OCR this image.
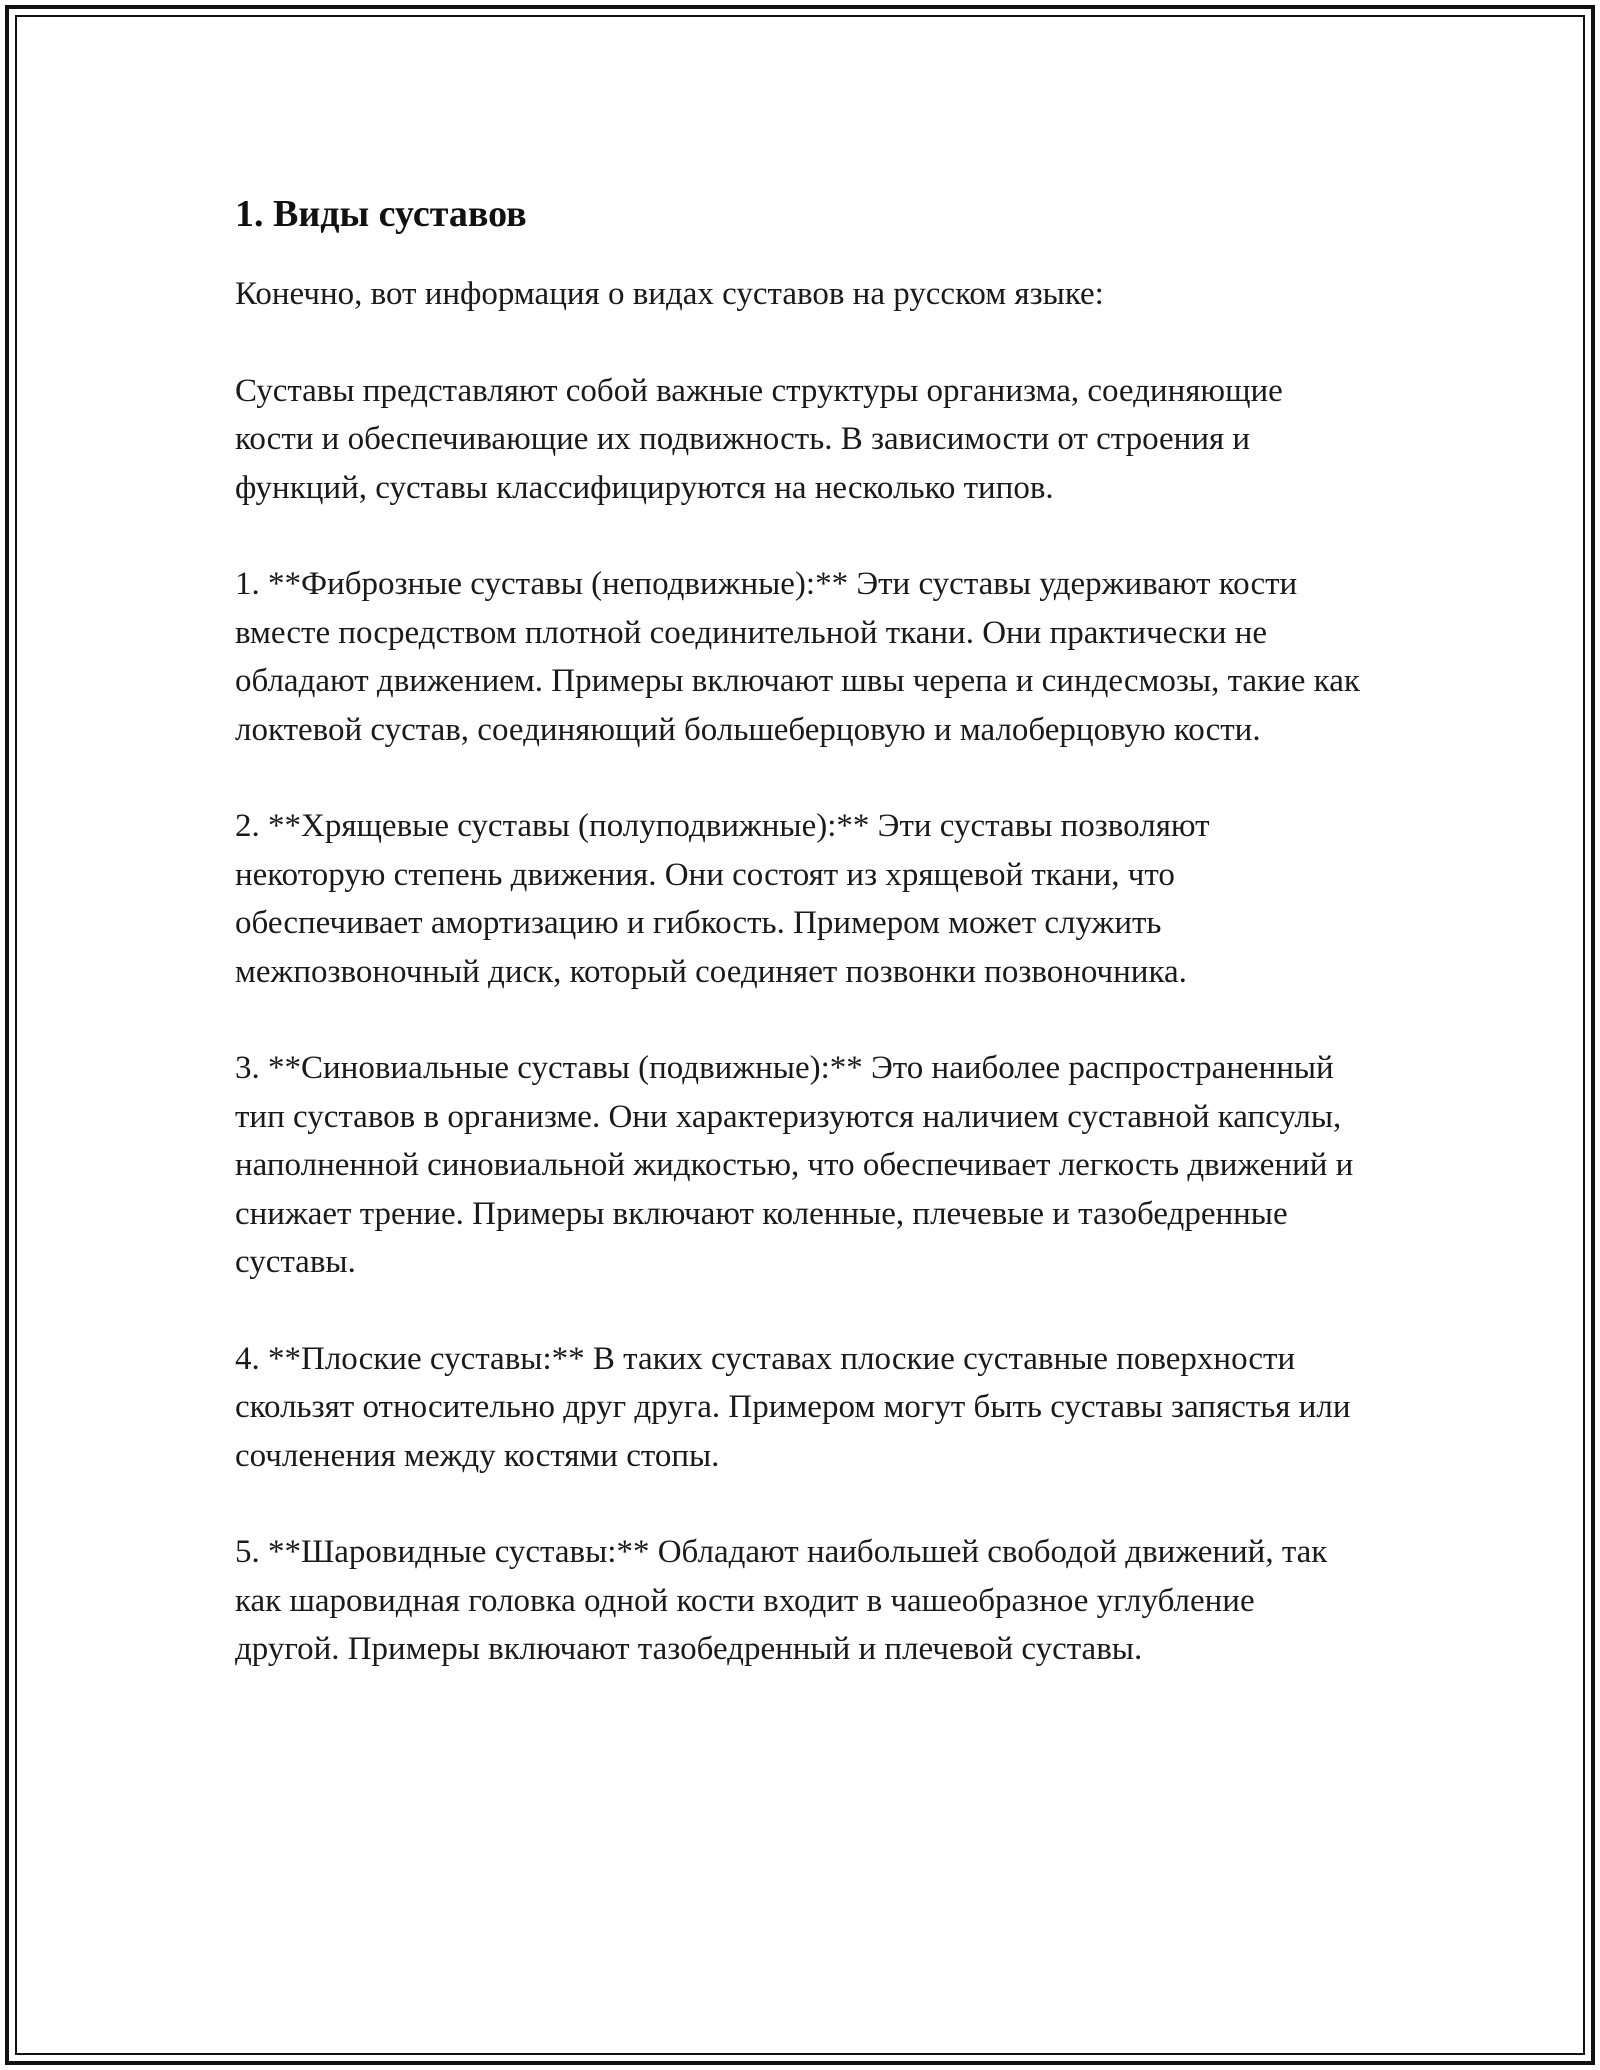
1. Виды суставов

Конечно, вот информация о видах суставов на русском языке:

Суставы представляют собой важные структуры организма, соединяющие кости и обеспечивающие их подвижность. В зависимости от строения и функций, суставы классифицируются на несколько типов.

1. **Фиброзные суставы (неподвижные):** Эти суставы удерживают кости вместе посредством плотной соединительной ткани. Они практически не обладают движением. Примеры включают швы черепа и синдесмозы, такие как локтевой сустав, соединяющий большеберцовую и малоберцовую кости.

2. **Хрящевые суставы (полуподвижные):** Эти суставы позволяют некоторую степень движения. Они состоят из хрящевой ткани, что обеспечивает амортизацию и гибкость. Примером может служить межпозвоночный диск, который соединяет позвонки позвоночника.

3. **Синовиальные суставы (подвижные):** Это наиболее распространенный тип суставов в организме. Они характеризуются наличием суставной капсулы, наполненной синовиальной жидкостью, что обеспечивает легкость движений и снижает трение. Примеры включают коленные, плечевые и тазобедренные суставы.

4. **Плоские суставы:** В таких суставах плоские суставные поверхности скользят относительно друг друга. Примером могут быть суставы запястья или сочленения между костями стопы.

5. **Шаровидные суставы:** Обладают наибольшей свободой движений, так как шаровидная головка одной кости входит в чашеобразное углубление другой. Примеры включают тазобедренный и плечевой суставы.
